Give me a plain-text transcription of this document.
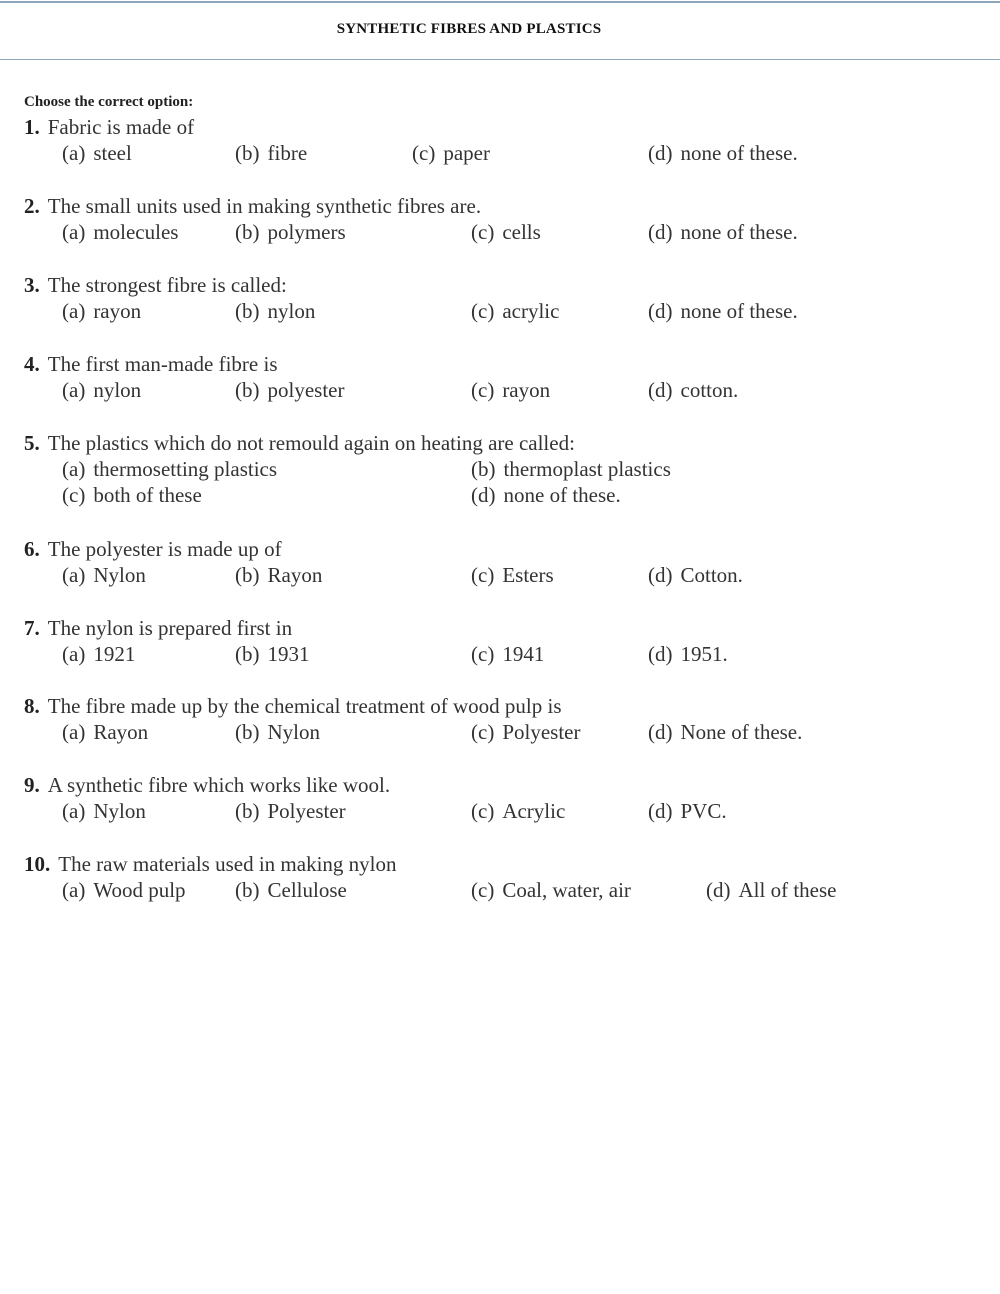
SYNTHETIC FIBRES AND PLASTICS
Choose the correct option:
1. Fabric is made of
(a) steel	(b) fibre	(c) paper	(d) none of these.
2. The small units used in making synthetic fibres are.
(a) molecules	(b) polymers	(c) cells	(d) none of these.
3. The strongest fibre is called:
(a) rayon	(b) nylon	(c) acrylic	(d) none of these.
4. The first man-made fibre is
(a) nylon	(b) polyester	(c) rayon	(d) cotton.
5. The plastics which do not remould again on heating are called:
(a) thermosetting plastics	(b) thermoplast plastics
(c) both of these	(d) none of these.
6. The polyester is made up of
(a) Nylon	(b) Rayon	(c) Esters	(d) Cotton.
7. The nylon is prepared first in
(a) 1921	(b) 1931	(c) 1941	(d) 1951.
8. The fibre made up by the chemical treatment of wood pulp is
(a) Rayon	(b) Nylon	(c) Polyester	(d) None of these.
9. A synthetic fibre which works like wool.
(a) Nylon	(b) Polyester	(c) Acrylic	(d) PVC.
10. The raw materials used in making nylon
(a) Wood pulp (b) Cellulose	(c) Coal, water, air	(d) All of these
